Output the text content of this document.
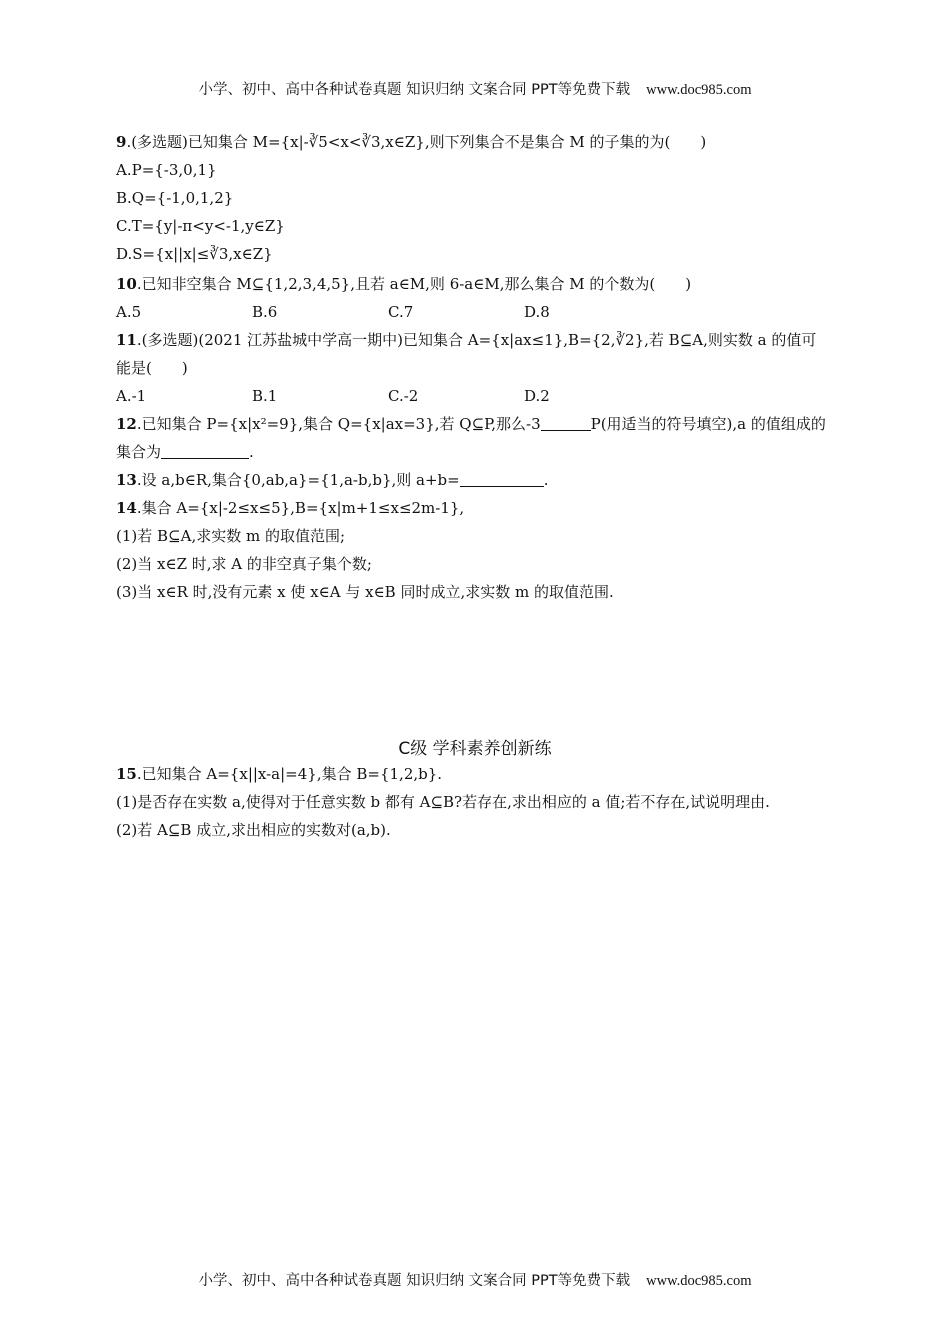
小学、初中、高中各种试卷真题 知识归纳 文案合同 PPT等免费下载 www.doc985.com
9.(多选题)已知集合 M={x|-∛5<x<∛3,x∈Z},则下列集合不是集合 M 的子集的为(　　)
A.P={-3,0,1}
B.Q={-1,0,1,2}
C.T={y|-π<y<-1,y∈Z}
D.S={x||x|≤∛3,x∈Z}
10.已知非空集合 M⊆{1,2,3,4,5},且若 a∈M,则 6-a∈M,那么集合 M 的个数为(　　)
A.5	B.6	C.7	D.8
11.(多选题)(2021 江苏盐城中学高一期中)已知集合 A={x|ax≤1},B={2,∛2},若 B⊆A,则实数 a 的值可
能是(　　)
A.-1	B.1	C.-2	D.2
12.已知集合 P={x|x²=9},集合 Q={x|ax=3},若 Q⊆P,那么-3	P(用适当的符号填空),a 的值组成的
集合为	.
13.设 a,b∈R,集合{0,ab,a}={1,a-b,b},则 a+b=	.
14.集合 A={x|-2≤x≤5},B={x|m+1≤x≤2m-1},
(1)若 B⊆A,求实数 m 的取值范围;
(2)当 x∈Z 时,求 A 的非空真子集个数;
(3)当 x∈R 时,没有元素 x 使 x∈A 与 x∈B 同时成立,求实数 m 的取值范围.
C级 学科素养创新练
15.已知集合 A={x||x-a|=4},集合 B={1,2,b}.
(1)是否存在实数 a,使得对于任意实数 b 都有 A⊆B?若存在,求出相应的 a 值;若不存在,试说明理由.
(2)若 A⊆B 成立,求出相应的实数对(a,b).
小学、初中、高中各种试卷真题 知识归纳 文案合同 PPT等免费下载 www.doc985.com
